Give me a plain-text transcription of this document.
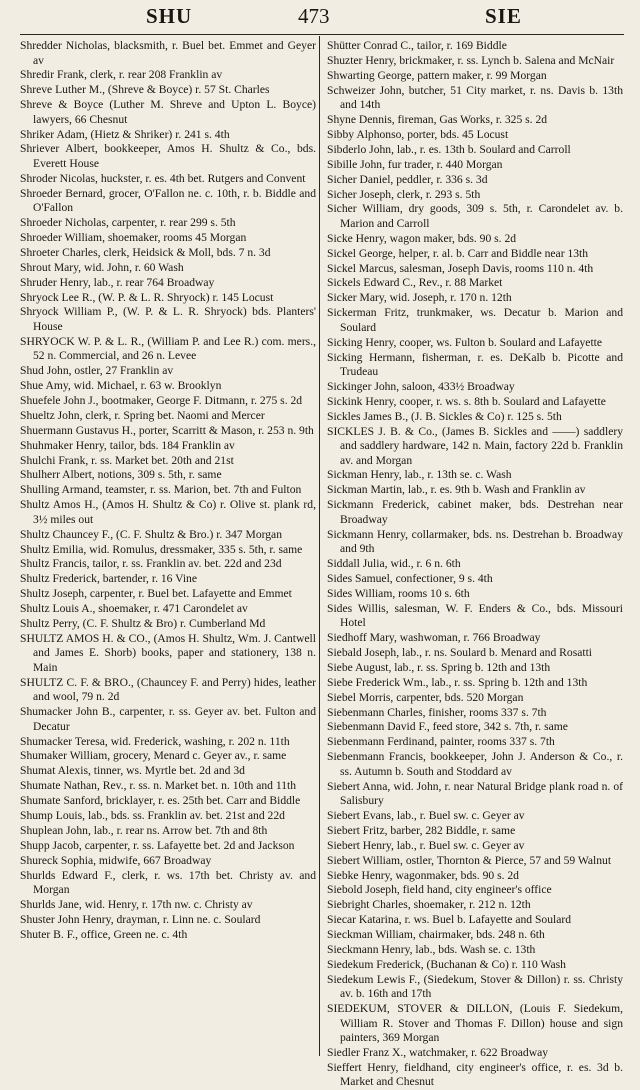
SHU	473	SIE

Shredder Nicholas, blacksmith, r. Buel bet. Emmet and Geyer av

Shredir Frank, clerk, r. rear 208 Franklin av

Shreve Luther M., (Shreve & Boyce) r. 57 St. Charles

Shreve & Boyce (Luther M. Shreve and Upton L. Boyce) lawyers, 66 Chesnut

Shriker Adam, (Hietz & Shriker) r. 241 s. 4th

Shriever Albert, bookkeeper, Amos H. Shultz & Co., bds. Everett House

Shroder Nicolas, huckster, r. es. 4th bet. Rutgers and Convent

Shroeder Bernard, grocer, O'Fallon ne. c. 10th, r. b. Biddle and O'Fallon

Shroeder Nicholas, carpenter, r. rear 299 s. 5th

Shroeder William, shoemaker, rooms 45 Morgan

Shroeter Charles, clerk, Heidsick & Moll, bds. 7 n. 3d

Shrout Mary, wid. John, r. 60 Wash

Shruder Henry, lab., r. rear 764 Broadway

Shryock Lee R., (W. P. & L. R. Shryock) r. 145 Locust

Shryock William P., (W. P. & L. R. Shryock) bds. Planters' House

SHRYOCK W. P. & L. R., (William P. and Lee R.) com. mers., 52 n. Commercial, and 26 n. Levee

Shud John, ostler, 27 Franklin av

Shue Amy, wid. Michael, r. 63 w. Brooklyn

Shuefele John J., bootmaker, George F. Ditmann, r. 275 s. 2d

Shueltz John, clerk, r. Spring bet. Naomi and Mercer

Shuermann Gustavus H., porter, Scarritt & Mason, r. 253 n. 9th

Shuhmaker Henry, tailor, bds. 184 Franklin av

Shulchi Frank, r. ss. Market bet. 20th and 21st

Shulherr Albert, notions, 309 s. 5th, r. same

Shulling Armand, teamster, r. ss. Marion, bet. 7th and Fulton

Shultz Amos H., (Amos H. Shultz & Co) r. Olive st. plank rd, 3½ miles out

Shultz Chauncey F., (C. F. Shultz & Bro.) r. 347 Morgan

Shultz Emilia, wid. Romulus, dressmaker, 335 s. 5th, r. same

Shultz Francis, tailor, r. ss. Franklin av. bet. 22d and 23d

Shultz Frederick, bartender, r. 16 Vine

Shultz Joseph, carpenter, r. Buel bet. Lafayette and Emmet

Shultz Louis A., shoemaker, r. 471 Carondelet av

Shultz Perry, (C. F. Shultz & Bro) r. Cumberland Md

SHULTZ AMOS H. & CO., (Amos H. Shultz, Wm. J. Cantwell and James E. Shorb) books, paper and stationery, 138 n. Main

SHULTZ C. F. & BRO., (Chauncey F. and Perry) hides, leather and wool, 79 n. 2d

Shumacker John B., carpenter, r. ss. Geyer av. bet. Fulton and Decatur

Shumacker Teresa, wid. Frederick, washing, r. 202 n. 11th

Shumaker William, grocery, Menard c. Geyer av., r. same

Shumat Alexis, tinner, ws. Myrtle bet. 2d and 3d

Shumate Nathan, Rev., r. ss. n. Market bet. n. 10th and 11th

Shumate Sanford, bricklayer, r. es. 25th bet. Carr and Biddle

Shump Louis, lab., bds. ss. Franklin av. bet. 21st and 22d

Shuplean John, lab., r. rear ns. Arrow bet. 7th and 8th

Shupp Jacob, carpenter, r. ss. Lafayette bet. 2d and Jackson

Shureck Sophia, midwife, 667 Broadway

Shurlds Edward F., clerk, r. ws. 17th bet. Christy av. and Morgan

Shurlds Jane, wid. Henry, r. 17th nw. c. Christy av

Shuster John Henry, drayman, r. Linn ne. c. Soulard

Shuter B. F., office, Green ne. c. 4th

Shütter Conrad C., tailor, r. 169 Biddle

Shuzter Henry, brickmaker, r. ss. Lynch b. Salena and McNair

Shwarting George, pattern maker, r. 99 Morgan

Schweizer John, butcher, 51 City market, r. ns. Davis b. 13th and 14th

Shyne Dennis, fireman, Gas Works, r. 325 s. 2d

Sibby Alphonso, porter, bds. 45 Locust

Sibderlo John, lab., r. es. 13th b. Soulard and Carroll

Sibille John, fur trader, r. 440 Morgan

Sicher Daniel, peddler, r. 336 s. 3d

Sicher Joseph, clerk, r. 293 s. 5th

Sicher William, dry goods, 309 s. 5th, r. Carondelet av. b. Marion and Carroll

Sicke Henry, wagon maker, bds. 90 s. 2d

Sickel George, helper, r. al. b. Carr and Biddle near 13th

Sickel Marcus, salesman, Joseph Davis, rooms 110 n. 4th

Sickels Edward C., Rev., r. 88 Market

Sicker Mary, wid. Joseph, r. 170 n. 12th

Sickerman Fritz, trunkmaker, ws. Decatur b. Marion and Soulard

Sicking Henry, cooper, ws. Fulton b. Soulard and Lafayette

Sicking Hermann, fisherman, r. es. DeKalb b. Picotte and Trudeau

Sickinger John, saloon, 433½ Broadway

Sickink Henry, cooper, r. ws. s. 8th b. Soulard and Lafayette

Sickles James B., (J. B. Sickles & Co) r. 125 s. 5th

SICKLES J. B. & Co., (James B. Sickles and ——) saddlery and saddlery hardware, 142 n. Main, factory 22d b. Franklin av. and Morgan

Sickman Henry, lab., r. 13th se. c. Wash

Sickman Martin, lab., r. es. 9th b. Wash and Franklin av

Sickmann Frederick, cabinet maker, bds. Destrehan near Broadway

Sickmann Henry, collarmaker, bds. ns. Destrehan b. Broadway and 9th

Siddall Julia, wid., r. 6 n. 6th

Sides Samuel, confectioner, 9 s. 4th

Sides William, rooms 10 s. 6th

Sides Willis, salesman, W. F. Enders & Co., bds. Missouri Hotel

Siedhoff Mary, washwoman, r. 766 Broadway

Siebald Joseph, lab., r. ns. Soulard b. Menard and Rosatti

Siebe August, lab., r. ss. Spring b. 12th and 13th

Siebe Frederick Wm., lab., r. ss. Spring b. 12th and 13th

Siebel Morris, carpenter, bds. 520 Morgan

Siebenmann Charles, finisher, rooms 337 s. 7th

Siebenmann David F., feed store, 342 s. 7th, r. same

Siebenmann Ferdinand, painter, rooms 337 s. 7th

Siebenmann Francis, bookkeeper, John J. Anderson & Co., r. ss. Autumn b. South and Stoddard av

Siebert Anna, wid. John, r. near Natural Bridge plank road n. of Salisbury

Siebert Evans, lab., r. Buel sw. c. Geyer av

Siebert Fritz, barber, 282 Biddle, r. same

Siebert Henry, lab., r. Buel sw. c. Geyer av

Siebert William, ostler, Thornton & Pierce, 57 and 59 Walnut

Siebke Henry, wagonmaker, bds. 90 s. 2d

Siebold Joseph, field hand, city engineer's office

Siebright Charles, shoemaker, r. 212 n. 12th

Siecar Katarina, r. ws. Buel b. Lafayette and Soulard

Sieckman William, chairmaker, bds. 248 n. 6th

Sieckmann Henry, lab., bds. Wash se. c. 13th

Siedekum Frederick, (Buchanan & Co) r. 110 Wash

Siedekum Lewis F., (Siedekum, Stover & Dillon) r. ss. Christy av. b. 16th and 17th

SIEDEKUM, STOVER & DILLON, (Louis F. Siedekum, William R. Stover and Thomas F. Dillon) house and sign painters, 369 Morgan

Siedler Franz X., watchmaker, r. 622 Broadway

Sieffert Henry, fieldhand, city engineer's office, r. es. 3d b. Market and Chesnut
